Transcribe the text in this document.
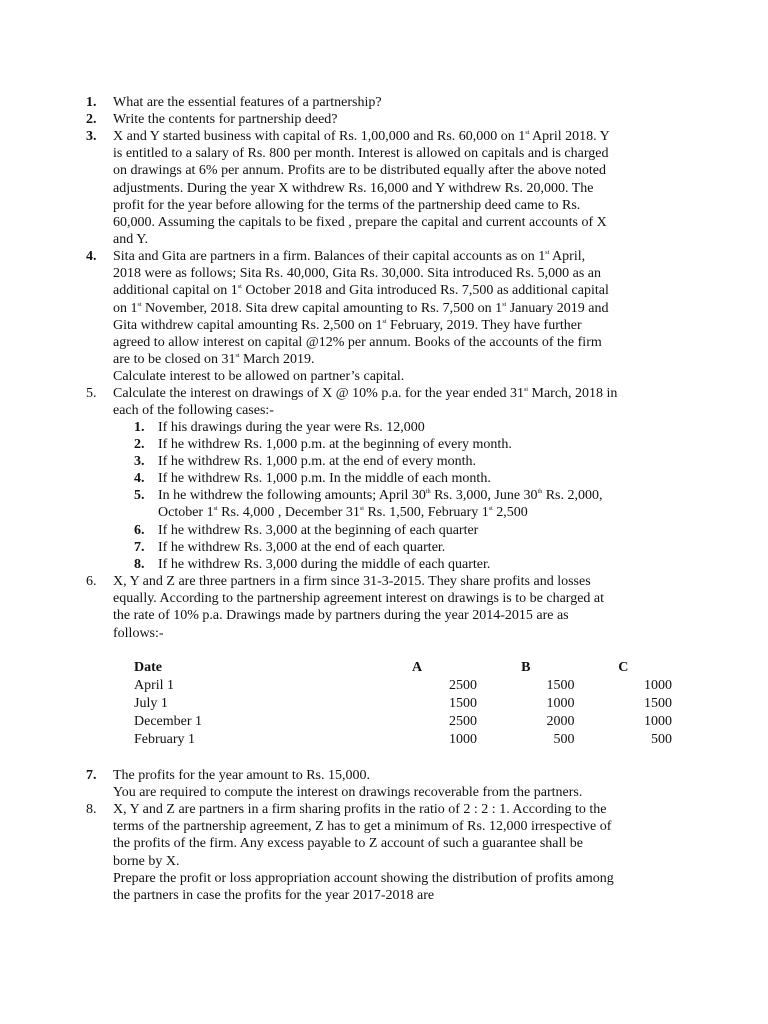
1.	What are the essential features of a partnership?
2.	Write the contents for partnership deed?
3.	X and Y started business with capital of Rs. 1,00,000 and Rs. 60,000 on 1st April 2018. Y
is entitled to a salary of Rs. 800 per month. Interest is allowed on capitals and is charged
on drawings at 6% per annum. Profits are to be distributed equally after the above noted
adjustments. During the year X withdrew Rs. 16,000 and Y withdrew Rs. 20,000. The
profit for the year before allowing for the terms of the partnership deed came to Rs.
60,000. Assuming the capitals to be fixed , prepare the capital and current accounts of X
and Y.
4.	Sita and Gita are partners in a firm. Balances of their capital accounts as on 1st April,
2018 were as follows; Sita Rs. 40,000, Gita Rs. 30,000. Sita introduced Rs. 5,000 as an
additional capital on 1st October 2018 and Gita introduced Rs. 7,500 as additional capital
on 1st November, 2018. Sita drew capital amounting to Rs. 7,500 on 1st January 2019 and
Gita withdrew capital amounting Rs. 2,500 on 1st February, 2019. They have further
agreed to allow interest on capital @12% per annum. Books of the accounts of the firm
are to be closed on 31st March 2019.
Calculate interest to be allowed on partner’s capital.
5.	Calculate the interest on drawings of X @ 10% p.a. for the year ended 31st March, 2018 in
each of the following cases:-
1. If his drawings during the year were Rs. 12,000
2. If he withdrew Rs. 1,000 p.m. at the beginning of every month.
3. If he withdrew Rs. 1,000 p.m. at the end of every month.
4. If he withdrew Rs. 1,000 p.m. In the middle of each month.
5. In he withdrew the following amounts; April 30th Rs. 3,000, June 30th Rs. 2,000,
October 1st Rs. 4,000 , December 31st Rs. 1,500, February 1st 2,500
6. If he withdrew Rs. 3,000 at the beginning of each quarter
7. If he withdrew Rs. 3,000 at the end of each quarter.
8. If he withdrew Rs. 3,000 during the middle of each quarter.
6.	X, Y and Z are three partners in a firm since 31-3-2015. They share profits and losses
equally. According to the partnership agreement interest on drawings is to be charged at
the rate of 10% p.a. Drawings made by partners during the year 2014-2015 are as
follows:-
Date	A	B	C	
April 1	2500	1500	1000	
July 1	1500	1000	1500	
December 1	2500	2000	1000	
February 1	1000	500	500	
7.	The profits for the year amount to Rs. 15,000.
You are required to compute the interest on drawings recoverable from the partners.
8.	X, Y and Z are partners in a firm sharing profits in the ratio of 2 : 2 : 1. According to the
terms of the partnership agreement, Z has to get a minimum of Rs. 12,000 irrespective of
the profits of the firm. Any excess payable to Z account of such a guarantee shall be
borne by X.
Prepare the profit or loss appropriation account showing the distribution of profits among
the partners in case the profits for the year 2017-2018 are
